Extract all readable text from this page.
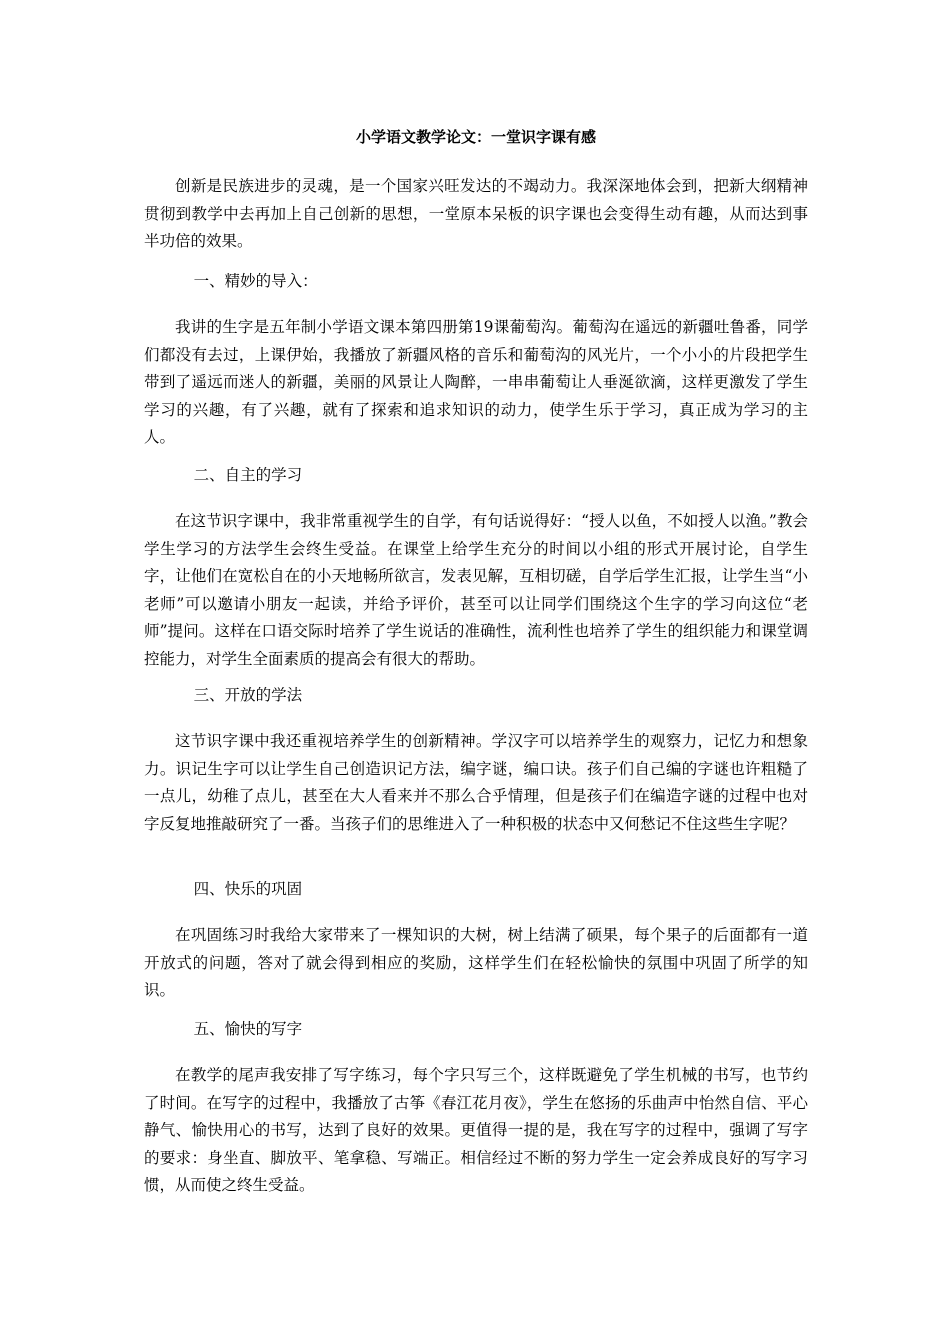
小学语文教学论文：一堂识字课有感

创新是民族进步的灵魂，是一个国家兴旺发达的不竭动力。我深深地体会到，把新大纲精神贯彻到教学中去再加上自己创新的思想，一堂原本呆板的识字课也会变得生动有趣，从而达到事半功倍的效果。

一、精妙的导入：

我讲的生字是五年制小学语文课本第四册第19课葡萄沟。葡萄沟在遥远的新疆吐鲁番，同学们都没有去过，上课伊始，我播放了新疆风格的音乐和葡萄沟的风光片，一个小小的片段把学生带到了遥远而迷人的新疆，美丽的风景让人陶醉，一串串葡萄让人垂涎欲滴，这样更激发了学生学习的兴趣，有了兴趣，就有了探索和追求知识的动力，使学生乐于学习，真正成为学习的主人。

二、自主的学习

在这节识字课中，我非常重视学生的自学，有句话说得好：“授人以鱼，不如授人以渔。”教会学生学习的方法学生会终生受益。在课堂上给学生充分的时间以小组的形式开展讨论，自学生字，让他们在宽松自在的小天地畅所欲言，发表见解，互相切磋，自学后学生汇报，让学生当“小老师”可以邀请小朋友一起读，并给予评价，甚至可以让同学们围绕这个生字的学习向这位“老师”提问。这样在口语交际时培养了学生说话的准确性，流利性也培养了学生的组织能力和课堂调控能力，对学生全面素质的提高会有很大的帮助。

三、开放的学法

这节识字课中我还重视培养学生的创新精神。学汉字可以培养学生的观察力，记忆力和想象力。识记生字可以让学生自己创造识记方法，编字谜，编口诀。孩子们自己编的字谜也许粗糙了一点儿，幼稚了点儿，甚至在大人看来并不那么合乎情理，但是孩子们在编造字谜的过程中也对字反复地推敲研究了一番。当孩子们的思维进入了一种积极的状态中又何愁记不住这些生字呢？

四、快乐的巩固

在巩固练习时我给大家带来了一棵知识的大树，树上结满了硕果，每个果子的后面都有一道开放式的问题，答对了就会得到相应的奖励，这样学生们在轻松愉快的氛围中巩固了所学的知识。

五、愉快的写字

在教学的尾声我安排了写字练习，每个字只写三个，这样既避免了学生机械的书写，也节约了时间。在写字的过程中，我播放了古筝《春江花月夜》，学生在悠扬的乐曲声中怡然自信、平心静气、愉快用心的书写，达到了良好的效果。更值得一提的是，我在写字的过程中，强调了写字的要求：身坐直、脚放平、笔拿稳、写端正。相信经过不断的努力学生一定会养成良好的写字习惯，从而使之终生受益。
